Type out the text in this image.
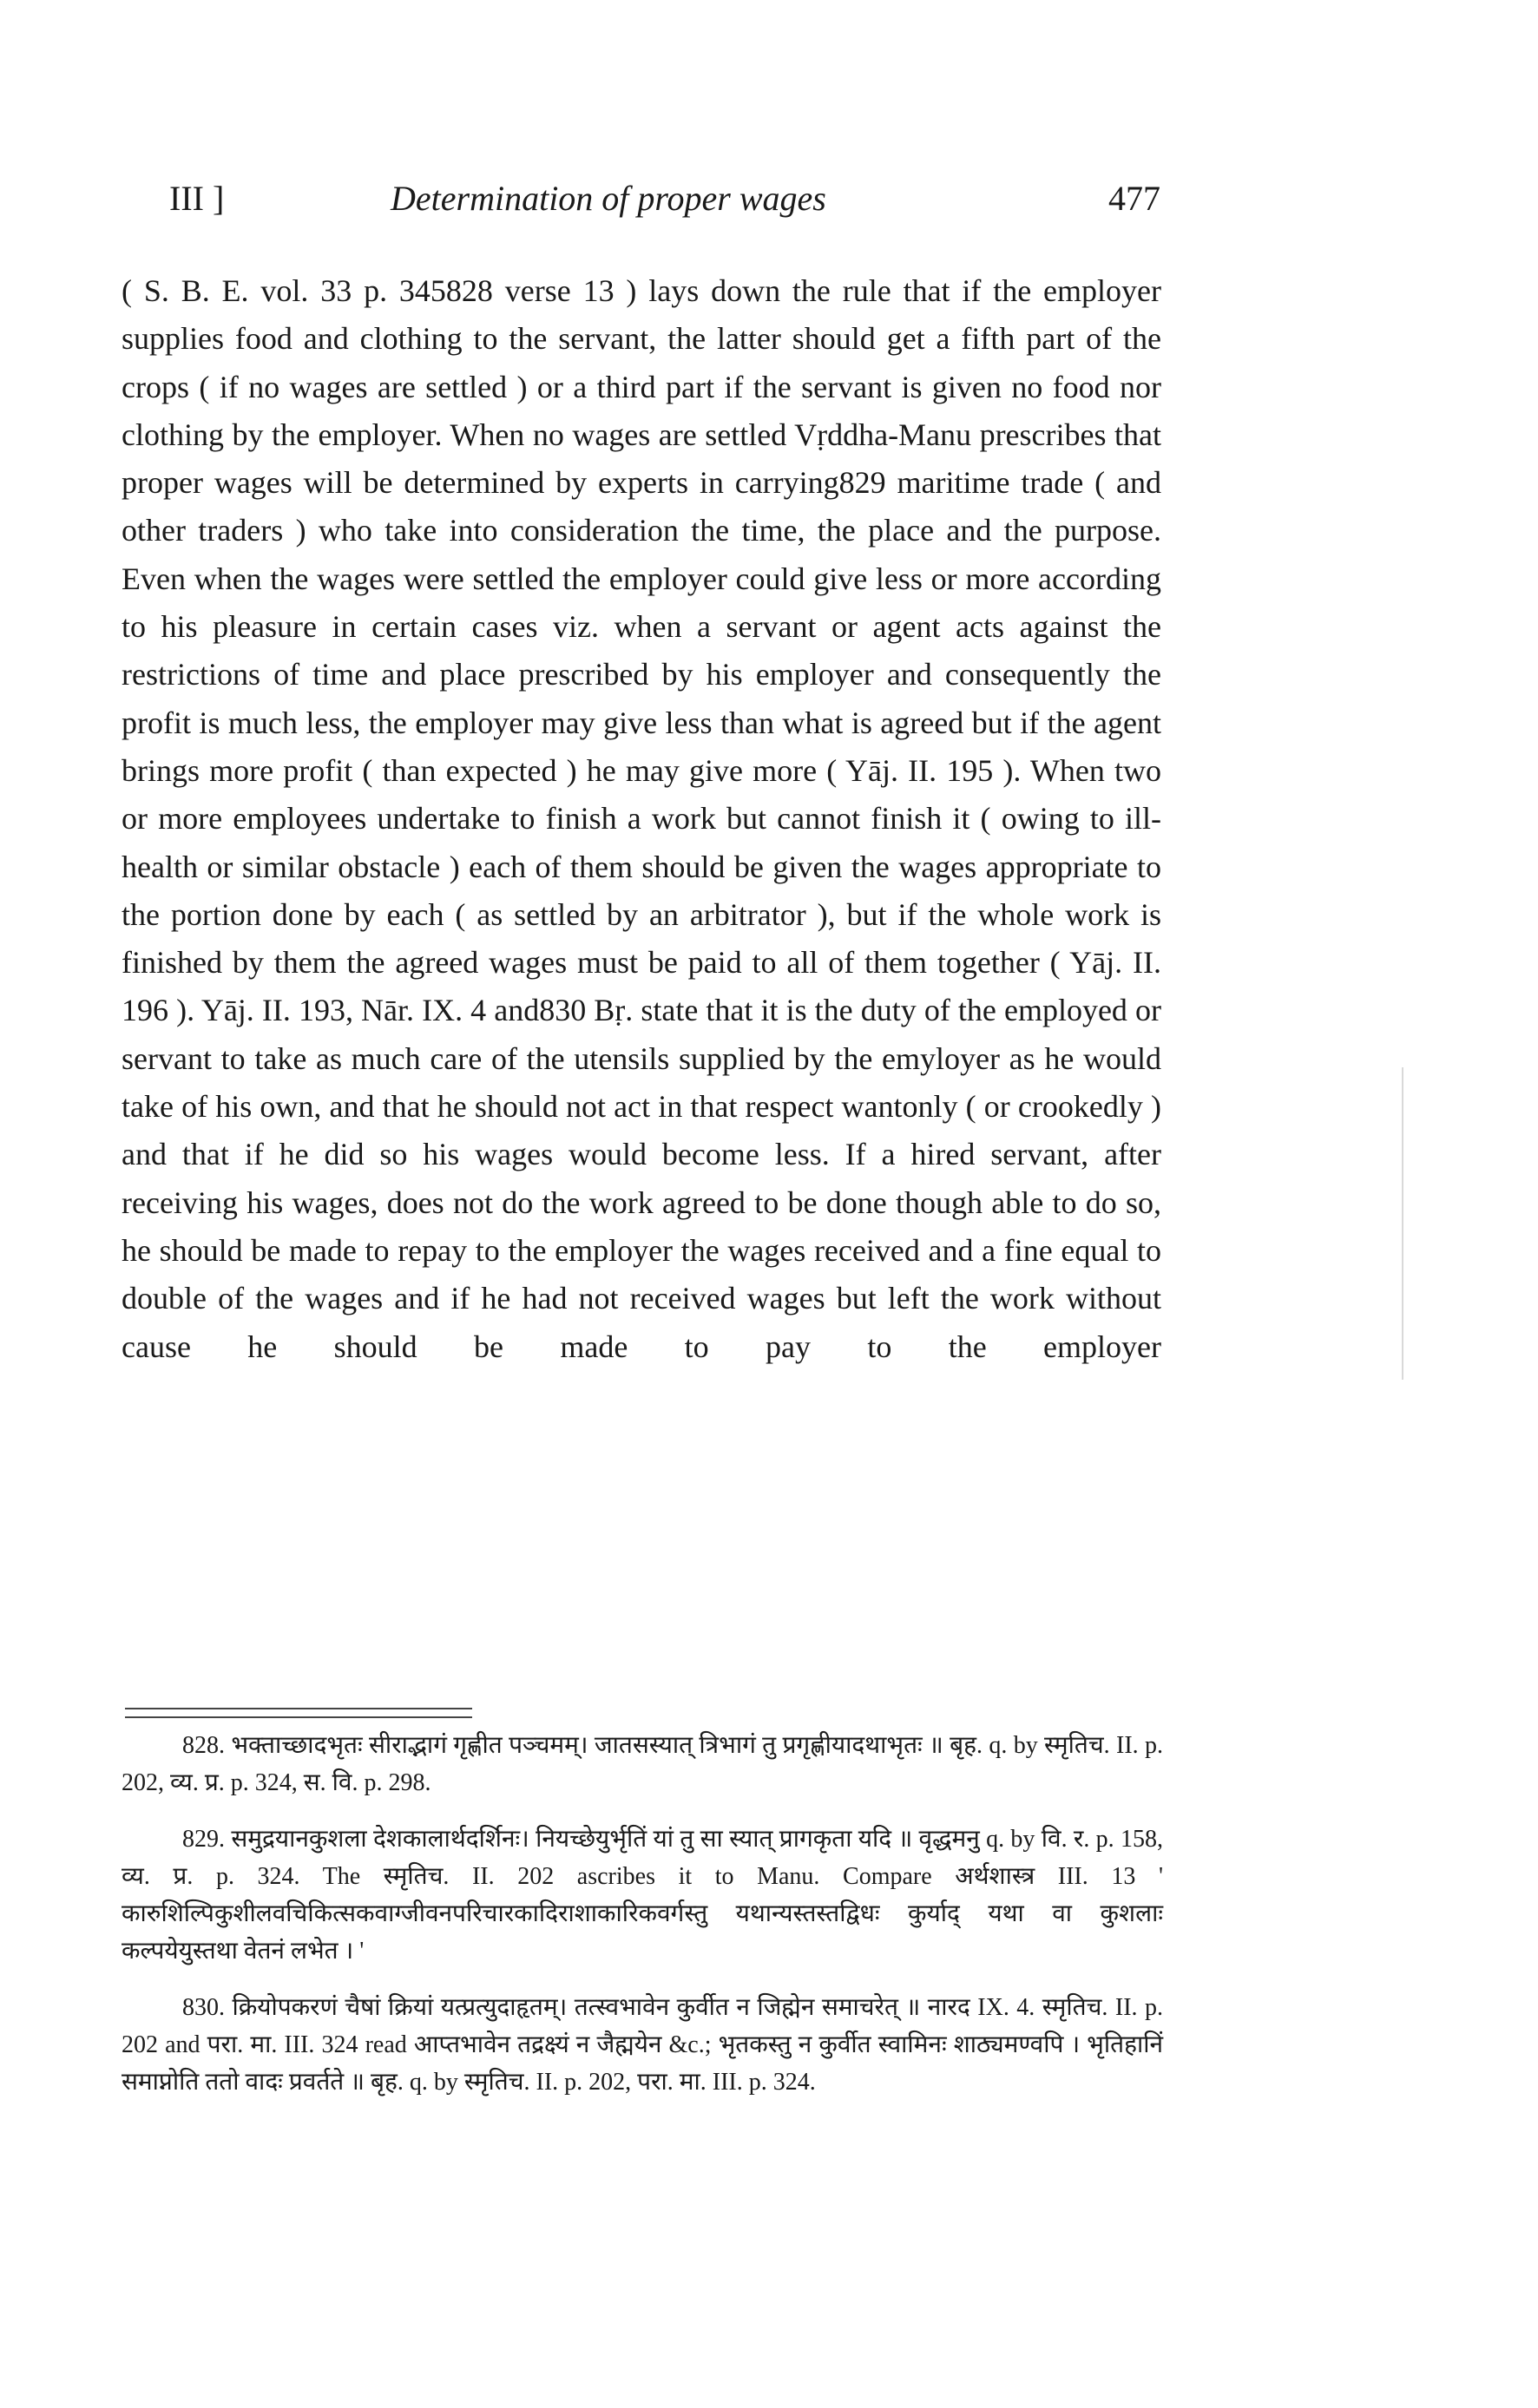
III ]	Determination of proper wages	477

( S. B. E. vol. 33 p. 345828 verse 13 ) lays down the rule that if the employer supplies food and clothing to the servant, the latter should get a fifth part of the crops ( if no wages are settled ) or a third part if the servant is given no food nor clothing by the employer. When no wages are settled Vṛddha-Manu prescribes that proper wages will be determined by experts in carrying829 maritime trade ( and other traders ) who take into consideration the time, the place and the purpose. Even when the wages were settled the employer could give less or more according to his pleasure in certain cases viz. when a servant or agent acts against the restrictions of time and place prescribed by his employer and consequently the profit is much less, the employer may give less than what is agreed but if the agent brings more profit ( than expected ) he may give more ( Yāj. II. 195 ). When two or more employees undertake to finish a work but cannot finish it ( owing to ill-health or similar obstacle ) each of them should be given the wages appropriate to the portion done by each ( as settled by an arbitrator ), but if the whole work is finished by them the agreed wages must be paid to all of them together ( Yāj. II. 196 ). Yāj. II. 193, Nār. IX. 4 and830 Bṛ. state that it is the duty of the employed or servant to take as much care of the utensils supplied by the emyloyer as he would take of his own, and that he should not act in that respect wantonly ( or crookedly ) and that if he did so his wages would become less. If a hired servant, after receiving his wages, does not do the work agreed to be done though able to do so, he should be made to repay to the employer the wages received and a fine equal to double of the wages and if he had not received wages but left the work without cause he should be made to pay to the employer

828. भक्ताच्छादभृतः सीराद्भागं गृह्णीत पञ्चमम्। जातसस्यात् त्रिभागं तु प्रगृह्णीयादथाभृतः ॥ बृह. q. by स्मृतिच. II. p. 202, व्य. प्र. p. 324, स. वि. p. 298.

829. समुद्रयानकुशला देशकालार्थदर्शिनः। नियच्छेयुर्भृतिं यां तु सा स्यात् प्रागकृता यदि ॥ वृद्धमनु q. by वि. र. p. 158, व्य. प्र. p. 324. The स्मृतिच. II. 202 ascribes it to Manu. Compare अर्थशास्त्र III. 13 ' कारुशिल्पिकुशीलवचिकित्सकवाग्जीवनपरिचारकादिराशाकारिकवर्गस्तु यथान्यस्तस्तद्विधः कुर्याद् यथा वा कुशलाः कल्पयेयुस्तथा वेतनं लभेत । '

830. क्रियोपकरणं चैषां क्रियां यत्प्रत्युदाहृतम्। तत्स्वभावेन कुर्वीत न जिह्मेन समाचरेत् ॥ नारद IX. 4. स्मृतिच. II. p. 202 and परा. मा. III. 324 read आप्तभावेन तद्रक्ष्यं न जैह्मयेन &c.; भृतकस्तु न कुर्वीत स्वामिनः शाठ्यमण्वपि । भृतिहानिं समाप्नोति ततो वादः प्रवर्तते ॥ बृह. q. by स्मृतिच. II. p. 202, परा. मा. III. p. 324.
